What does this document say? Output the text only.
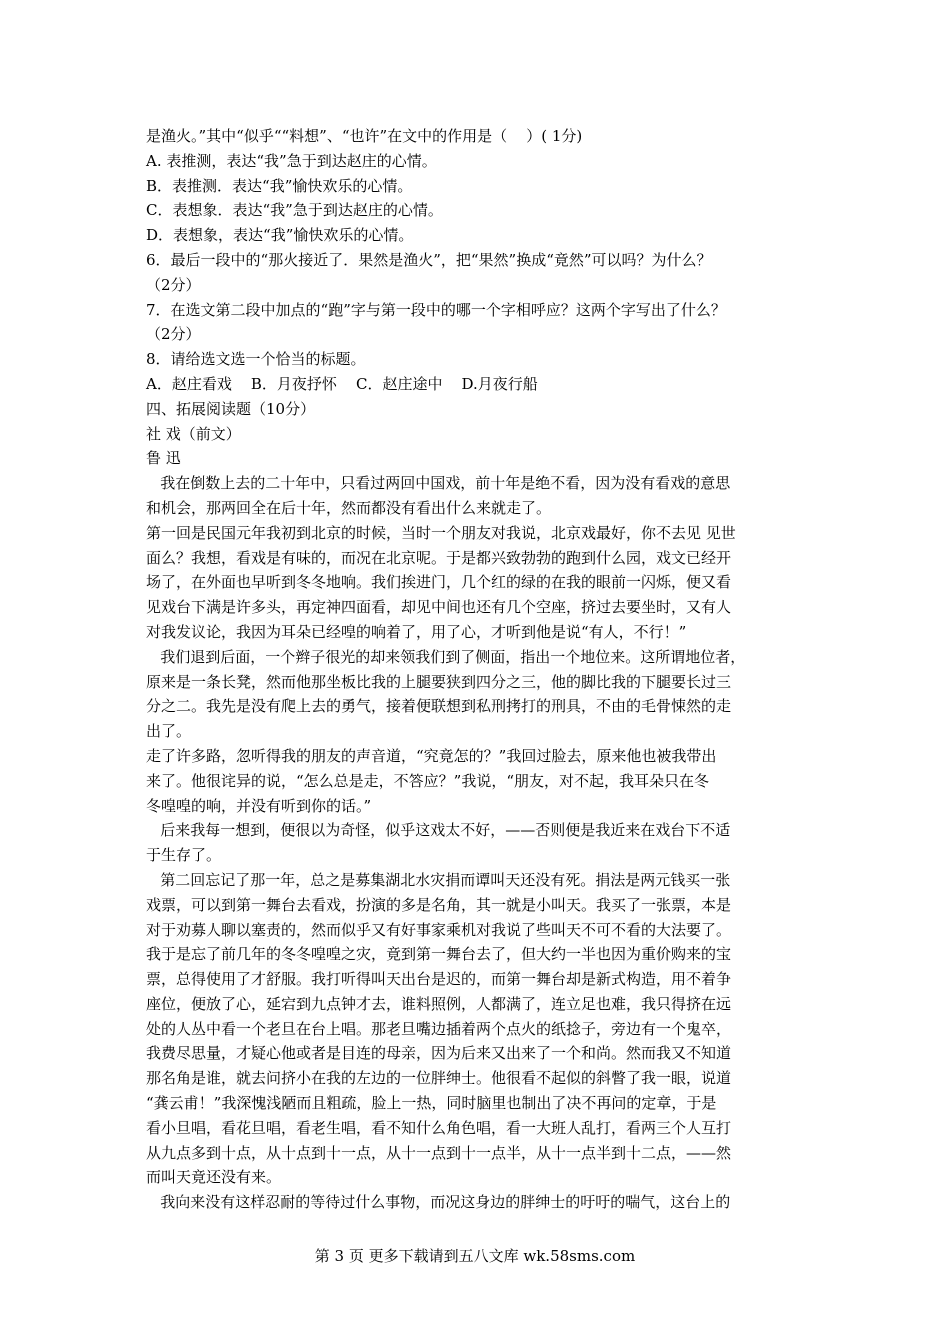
是渔火。”其中“似乎““料想”、“也许”在文中的作用是（    ）( 1分)
A. 表推测，表达“我”急于到达赵庄的心情。
B．表推测．表达“我”愉快欢乐的心情。
C．表想象．表达“我”急于到达赵庄的心情。
D．表想象，表达“我”愉快欢乐的心情。
6．最后一段中的“那火接近了．果然是渔火”，把“果然”换成“竟然”可以吗？为什么？
（2分）
7．在选文第二段中加点的“跑”字与第一段中的哪一个字相呼应？这两个字写出了什么？
（2分）
8．请给选文选一个恰当的标题。
A．赵庄看戏    B．月夜抒怀    C．赵庄途中    D.月夜行船
四、拓展阅读题（10分）
社 戏（前文）
鲁 迅
我在倒数上去的二十年中，只看过两回中国戏，前十年是绝不看，因为没有看戏的意思
和机会，那两回全在后十年，然而都没有看出什么来就走了。
第一回是民国元年我初到北京的时候，当时一个朋友对我说，北京戏最好，你不去见 见世
面么？我想，看戏是有味的，而况在北京呢。于是都兴致勃勃的跑到什么园，戏文已经开
场了，在外面也早听到冬冬地响。我们挨进门，几个红的绿的在我的眼前一闪烁，便又看
见戏台下满是许多头，再定神四面看，却见中间也还有几个空座，挤过去要坐时，又有人
对我发议论，我因为耳朵已经喤的响着了，用了心，才听到他是说“有人，不行！”
我们退到后面，一个辫子很光的却来领我们到了侧面，指出一个地位来。这所谓地位者，
原来是一条长凳，然而他那坐板比我的上腿要狭到四分之三，他的脚比我的下腿要长过三
分之二。我先是没有爬上去的勇气，接着便联想到私刑拷打的刑具，不由的毛骨悚然的走
出了。
走了许多路，忽听得我的朋友的声音道，“究竟怎的？”我回过脸去，原来他也被我带出
来了。他很诧异的说，“怎么总是走，不答应？”我说，“朋友，对不起，我耳朵只在冬
冬喤喤的响，并没有听到你的话。”
后来我每一想到，便很以为奇怪，似乎这戏太不好，——否则便是我近来在戏台下不适
于生存了。
第二回忘记了那一年，总之是募集湖北水灾捐而谭叫天还没有死。捐法是两元钱买一张
戏票，可以到第一舞台去看戏，扮演的多是名角，其一就是小叫天。我买了一张票，本是
对于劝募人聊以塞责的，然而似乎又有好事家乘机对我说了些叫天不可不看的大法要了。
我于是忘了前几年的冬冬喤喤之灾，竟到第一舞台去了，但大约一半也因为重价购来的宝
票，总得使用了才舒服。我打听得叫天出台是迟的，而第一舞台却是新式构造，用不着争
座位，便放了心，延宕到九点钟才去，谁料照例，人都满了，连立足也难，我只得挤在远
处的人丛中看一个老旦在台上唱。那老旦嘴边插着两个点火的纸捻子，旁边有一个鬼卒，
我费尽思量，才疑心他或者是目连的母亲，因为后来又出来了一个和尚。然而我又不知道
那名角是谁，就去问挤小在我的左边的一位胖绅士。他很看不起似的斜瞥了我一眼，说道
“龚云甫！”我深愧浅陋而且粗疏，脸上一热，同时脑里也制出了决不再问的定章，于是
看小旦唱，看花旦唱，看老生唱，看不知什么角色唱，看一大班人乱打，看两三个人互打
从九点多到十点，从十点到十一点，从十一点到十一点半，从十一点半到十二点，——然
而叫天竟还没有来。
我向来没有这样忍耐的等待过什么事物，而况这身边的胖绅士的吁吁的喘气，这台上的
第 3 页 更多下载请到五八文库 wk.58sms.com
